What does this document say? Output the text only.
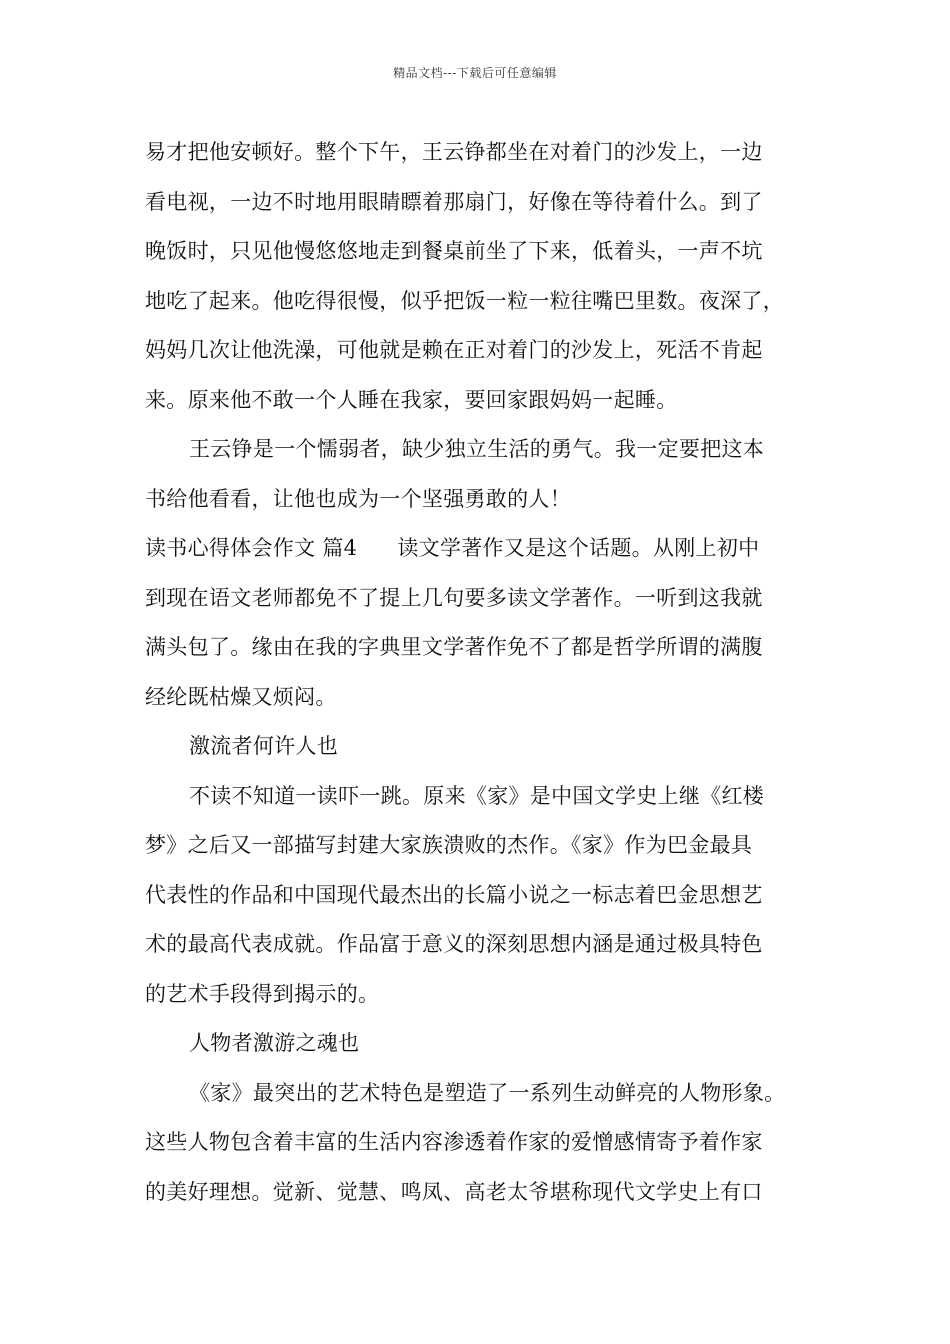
精品文档---下载后可任意编辑

易才把他安顿好。整个下午，王云铮都坐在对着门的沙发上，一边

看电视，一边不时地用眼睛瞟着那扇门，好像在等待着什么。到了

晚饭时，只见他慢悠悠地走到餐桌前坐了下来，低着头，一声不坑

地吃了起来。他吃得很慢，似乎把饭一粒一粒往嘴巴里数。夜深了，

妈妈几次让他洗澡，可他就是赖在正对着门的沙发上，死活不肯起

来。原来他不敢一个人睡在我家，要回家跟妈妈一起睡。

王云铮是一个懦弱者，缺少独立生活的勇气。我一定要把这本

书给他看看，让他也成为一个坚强勇敢的人！

读书心得体会作文 篇4 读文学著作又是这个话题。从刚上初中

到现在语文老师都免不了提上几句要多读文学著作。一听到这我就

满头包了。缘由在我的字典里文学著作免不了都是哲学所谓的满腹

经纶既枯燥又烦闷。

激流者何许人也

不读不知道一读吓一跳。原来《家》是中国文学史上继《红楼

梦》之后又一部描写封建大家族溃败的杰作。《家》作为巴金最具

代表性的作品和中国现代最杰出的长篇小说之一标志着巴金思想艺

术的最高代表成就。作品富于意义的深刻思想内涵是通过极具特色

的艺术手段得到揭示的。

人物者激游之魂也

《家》最突出的艺术特色是塑造了一系列生动鲜亮的人物形象。

这些人物包含着丰富的生活内容渗透着作家的爱憎感情寄予着作家

的美好理想。觉新、觉慧、鸣凤、高老太爷堪称现代文学史上有口
